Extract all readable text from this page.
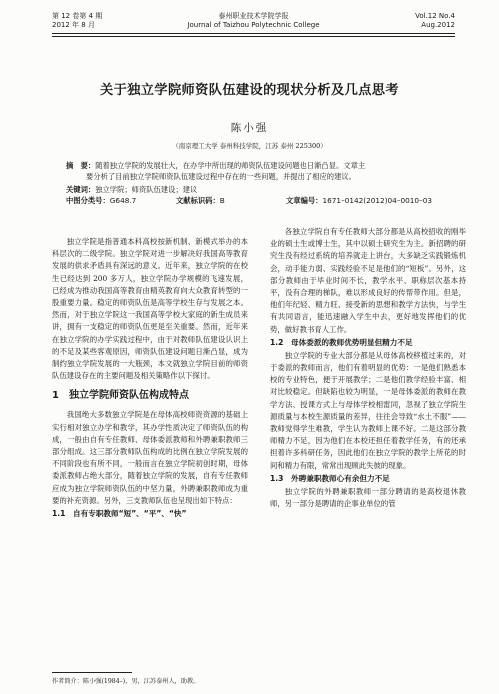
第 12 卷第 4 期
2012 年 8 月
泰州职业技术学院学报
Journal of Taizhou Polytechnic College
Vol.12 No.4
Aug.2012
关于独立学院师资队伍建设的现状分析及几点思考
陈小强
（南京理工大学 泰州科技学院，江苏 泰州 225300）
摘　要：随着独立学院的发展壮大，在办学中所出现的师资队伍建设问题也日渐凸显。文章主
要分析了目前独立学院师资队伍建设过程中存在的一些问题，并提出了相应的建议。
关键词：独立学院；师资队伍建设；建议
中图分类号：G648.7	文献标识码：B	文章编号：1671–0142(2012)04–0010–03

独立学院是指普通本科高校按新机制、新模式举办的本科层次的二级学院。独立学院对进一步解决好我国高等教育发展的供求矛盾具有深远的意义。近年来，独立学院的在校生已经达到 200 多万人，独立学院办学规模的飞速发展，已经成为推动我国高等教育由精英教育向大众教育转型的一股重要力量。稳定的师资队伍是高等学校生存与发展之本。然而，对于独立学院这一我国高等学校大家庭的新生成员来讲，拥有一支稳定的师资队伍更是至关重要。然而，近年来在独立学院的办学实践过程中，由于对教师队伍建设认识上的不足及某些客观原因，师资队伍建设问题日渐凸显，成为制约独立学院发展的一大瓶颈，本文就独立学院目前的师资队伍建设存在的主要问题及相关策略作以下探讨。

1　独立学院师资队伍构成特点

我国绝大多数独立学院是在母体高校师资资源的基础上实行相对独立办学和教学，其办学性质决定了师资队伍的构成，一般由自有专任教师、母体委派教师和外聘兼职教师三部分组成。这三部分教师队伍构成的比例在独立学院发展的不同阶段也有所不同，一般而言在独立学院初创时期，母体委派教师占绝大部分，随着独立学院的发展，自有专任教师应成为独立学院师资队伍的中坚力量，外聘兼职教师成为重要的补充资源。另外，三支教师队伍也呈现出如下特点：

1.1　自有专职教师“短”、“平”、“快”

各独立学院自有专任教师大部分都是从高校招收的刚毕业的硕士生或博士生，其中以硕士研究生为主。新招聘的研究生没有经过系统的培养就走上讲台，大多缺乏实践锻炼机会，动手能力弱、实践经验不足是他们的“短板”。另外，这部分教师由于毕业时间不长，教学水平、职称层次基本持平，没有合理的梯队，难以形成良好的传帮带作用。但是，他们年纪轻、精力旺、接受新的思想和教学方法快，与学生有共同语言，能迅速融入学生中去，更好地发挥他们的优势，做好教书育人工作。

1.2　母体委派的教师优势明显但精力不足

独立学院的专业大部分都是从母体高校移植过来的，对于委派的教师而言，他们有着明显的优势：一是他们熟悉本校的专业特色，便于开展教学；二是他们教学经验丰富、相对比较稳定。但缺陷也较为明显，一是母体委派的教师在教学方法、授课方式上与母体学校相雷同，忽视了独立学院生源质量与本校生源质量的差异，往往会导致“水土不服”——教师觉得学生难教，学生认为教师上课不好。二是这部分教师精力不足，因为他们在本校还担任着教学任务，有的还承担着许多科研任务，因此他们在独立学院的教学上所花的时间和精力有限，常常出现顾此失彼的现象。

1.3　外聘兼职教师心有余但力不足

独立学院的外聘兼职教师一部分聘请的是高校退休教师，另一部分是聘请的企事业单位的管

作者简介：陈小强(1984–)，男，江苏泰州人，助教。
